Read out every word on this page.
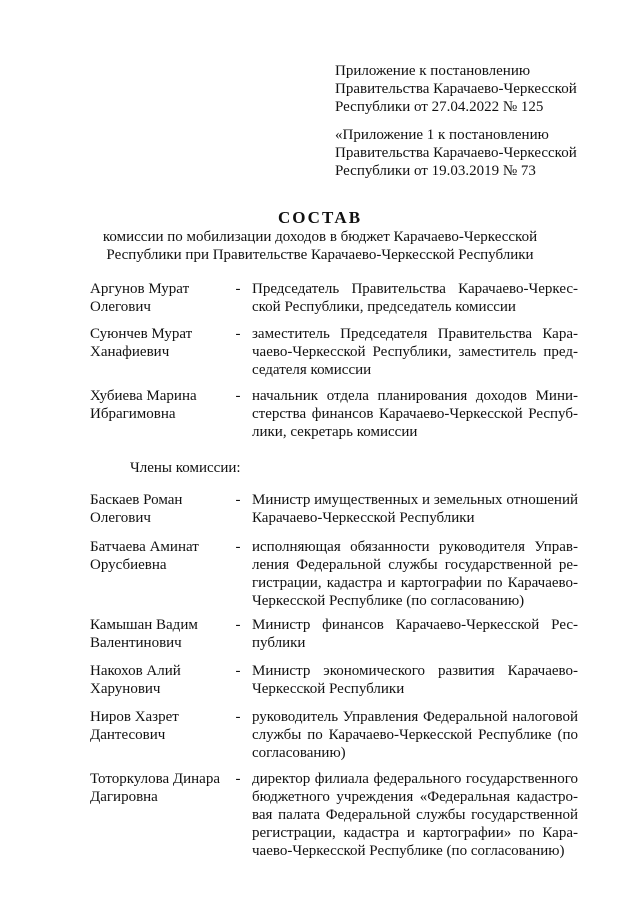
Приложение к постановлению
Правительства Карачаево-Черкесской
Республики от 27.04.2022 № 125
«Приложение 1 к постановлению
Правительства Карачаево-Черкесской
Республики от 19.03.2019 № 73
СОСТАВ
комиссии по мобилизации доходов в бюджет Карачаево-Черкесской
Республики при Правительстве Карачаево-Черкесской Республики
Аргунов Мурат
Олегович
- Председатель Правительства Карачаево-Черкес-
ской Республики, председатель комиссии
Суюнчев Мурат
Ханафиевич
- заместитель Председателя Правительства Кара-
чаево-Черкесской Республики, заместитель пред-
седателя комиссии
Хубиева Марина
Ибрагимовна
- начальник отдела планирования доходов Мини-
стерства финансов Карачаево-Черкесской Респуб-
лики, секретарь комиссии
Баскаев Роман
Олегович
- Министр имущественных и земельных отношений
Карачаево-Черкесской Республики
Батчаева Аминат
Орусбиевна
- исполняющая обязанности руководителя Управ-
ления Федеральной службы государственной ре-
гистрации, кадастра и картографии по Карачаево-
Черкесской Республике (по согласованию)
Камышан Вадим
Валентинович
- Министр финансов Карачаево-Черкесской Рес-
публики
Накохов Алий
Харунович
- Министр экономического развития Карачаево-
Черкесской Республики
Ниров Хазрет
Дантесович
- руководитель Управления Федеральной налоговой
службы по Карачаево-Черкесской Республике (по
согласованию)
Тоторкулова Динара
Дагировна
- директор филиала федерального государственного
бюджетного учреждения «Федеральная кадастро-
вая палата Федеральной службы государственной
регистрации, кадастра и картографии» по Кара-
чаево-Черкесской Республике (по согласованию)
Члены комиссии:
